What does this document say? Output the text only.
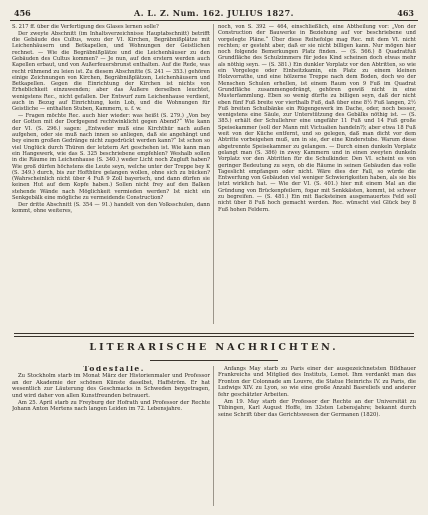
456	A. L. Z. Num. 162. JULIUS 1827.	463

S. 217 ff. über die Verfertigung des Glases lernen solle?

Der zweyte Abschnitt (im Inhaltsverzeichnisse Hauptabschnitt) betrifft die Gebäude des Cultus, wozu der VI. Kirchen, Begräbnißplätze mit Leichenhäusern und Betkapellen, und Wohnungen der Geistlichen rechnet. — Wie die Begräbnißplätze und die Leichenhäuser zu den Gebäuden des Cultus kommen? — Je nun, auf den erstern werden auch Kapellen erbaut, und von Außerfeuersbrunst enthalten. Auf die Rede, was recht rühmend zu leien ist. Zu diesem Abschnitte (S. 241 — 353.) gehören einige Zeichnungen von Kirchen, Begräbnißplätzen, Leichenhäusern und Betkapellen. Gegen die Einrichtung der Kirchen ist nichts von Erheblichkeit einzuwenden; aber das Äußere derselben leuchtet, wenigstens Rec., nicht gefallen. Der Entwurf zum Leichenhause verdient, auch in Bezug auf Einrichtung, kein Lob, und die Wohnungen für Geistliche — enthalten Stuben, Kammern, u. f. w.

— Fragen möchte Rec. auch hier wieder: was heißt (S. 279.) „Von bey der Gotten mit der Dorfgegend rechtwinklicht gegen Abend?“ Wie kann der VI. (S. 296.) sagen: „Entweder muß eine Kirchthür nach außen aufgehen, oder sie muß nach innen so anliegen, daß sie angehängt und bey einem großen Gedränge nicht zugedrückt werden kann?“ Ist schon so viel Unglück durch Thüren der letztern Art geschehen ist. Wie kann man ein Hangewerk, wie das S. 325 beschriebene empfehlen? Weshalb sollen in die Räume im Leichenhause (S. 340.) weder Licht noch Zugluft haben? Wie groß dürfen höchstens die Leute seyn, welche unter der Treppe bey K (S. 349.) durch, bis zur Hofthüre gelangen wollen, ohne sich zu bücken? (Wahrscheinlich nicht über 4 Fuß 9 Zoll bayerisch, und dann dürfen sie keinen Hut auf dem Kopfe haben.) Sollen nicht frey auf den Balken stehende Wände nach Möglichkeit vermieden werden? Ist nicht ein Senkgebälk eine mögliche zu vermeidende Construction?

Der dritte Abschnitt (S. 354 — 91.) handelt von den Volksschulen, dann kommt, ohne weiteres,

noch, von S. 392 — 464, einschließlich, eine Abtheilung vor: „Von der Construction der Bauwerke in Beziehung auf vor beschriebene und vorgelegte Pläne.“ Über diese Reihefolge mag Rec. mit dem VI. nicht rechten; er gesteht aber, daß er sie nicht billigen kann. Nur mögen hier noch folgende Bemerkungen Platz finden. — (S. 566.) 8 Quadratfuß Grundfläche des Schulzimmers für jedes Kind scheinen doch etwas mehr als nöthig seyn. — (S. 381.) Ein dunkler Vorplatz vor den Abtritten, so wie ein Vorgelege oder Einheitzkamin, ein Platz zu einem kleinen Holzvorrathe, und eine hölzerne Treppe nach dem Boden, doch wo der Menschen Schulen erhellen, ist einem Raum von 9 Fuß im Quadrat Grundfläche zusammengedrängt, gehören gewiß nicht in eine Musterfammlung. Eben so wenig dürfte zu billigen seyn, daß der nicht eben fünf Fuß breite vor vierthalb Fuß, daß über eine 8½ Fuß langen, 2½ Fuß breiten Schulbänke ein Rügengewerk im Dache, oder, noch besser, wenigstens eine Säule, zur Unterstützung des Gebälks nöthig ist. — (S. 385.) erhält der Schullehrer eine ungefähr 11 Fuß und 14 Fuß große Speisekammer (soll der Mann mit Victualien handeln?); aber etwa 18 Fuß weit von der Küche entfernt, und so gelegen, daß man dicht vor dem Abtritte vorbeigehen muß, um in sie, der eine Kinderstube. Warum diese abgetrennte Speisekammer zu gelangen. — Durch einen dunkeln Vorplatz gelangt man (S. 386) in zwey Kammern und in einen zweyten dunkeln Vorplatz vor den Abtritten für die Schulkinder. Den VI. scheint es von geringer Bedeutung zu seyn, ob die Räume in seinen Gebäuden das volle Tageslicht empfangen oder nicht. Wäre dies der Fall, so würde die Entwerfung von Gebäuden viel weniger Schwierigkeiten haben, als sie bis jetzt wirklich hat. — Wie der VI. (S. 401.) hier mit einem Mal an die Gründung von Brückenpfeilern, fogar mit Senkkästen, kommt, ist schwer zu begreifen. — (S. 481.) Ein mit Backsteinen ausgemauertes Feld soll nicht über 8 Fuß hoch gemacht werden. Rec. wünscht viel Glück bey 8 Fuß hohen Feldern.

LITERARISCHE NACHRICHTEN.

Todesfälle.

Zu Stockholm starb im Monat März der Historienmaler und Professor an der Akademie der schönen Künste daselbst, Haffström. Er hat wesentlich zur Läuterung des Geschmacks in Schweden beygetragen, und wird daher von allen Kunstfreunden betrauert.

Am 25. April starb zu Freyburg der Hofrath und Professor der Rechte Johann Anton Mertens nach langen Leiden im 72. Lebensjahre.

Anfangs May starb zu Paris einer der ausgezeichnetsten Bildhauer Frankreichs und Mitglied des Instituts, Lemot. Ihm verdankt man das Fronton der Colonnade am Louvre, die Statue Heinrichs IV. zu Paris, die Ludwigs XIV. zu Lyon, so wie eine große Anzahl Basreliefs und anderer fehr geschätzter Arbeiten.

Am 19. May starb der Professor der Rechte an der Universität zu Tübingen, Karl August Hoffe, im 32sten Lebensjahre; bekannt durch seine Schrift über das Gerichtswesen der Germanen (1820).
